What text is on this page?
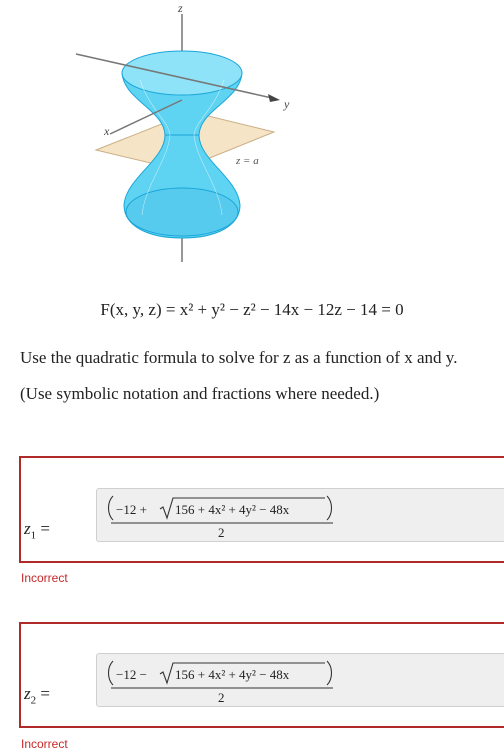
z
z = a
x
y
F(x, y, z) = x² + y² − z² − 14x − 12z − 14 = 0
Use the quadratic formula to solve for z as a function of x and y.
(Use symbolic notation and fractions where needed.)
$z_1$ =
−12 + 156 + 4x² + 4y² − 48x
2
Incorrect
$z_2$ =
−12 − 156 + 4x² + 4y² − 48x
2
Incorrect
